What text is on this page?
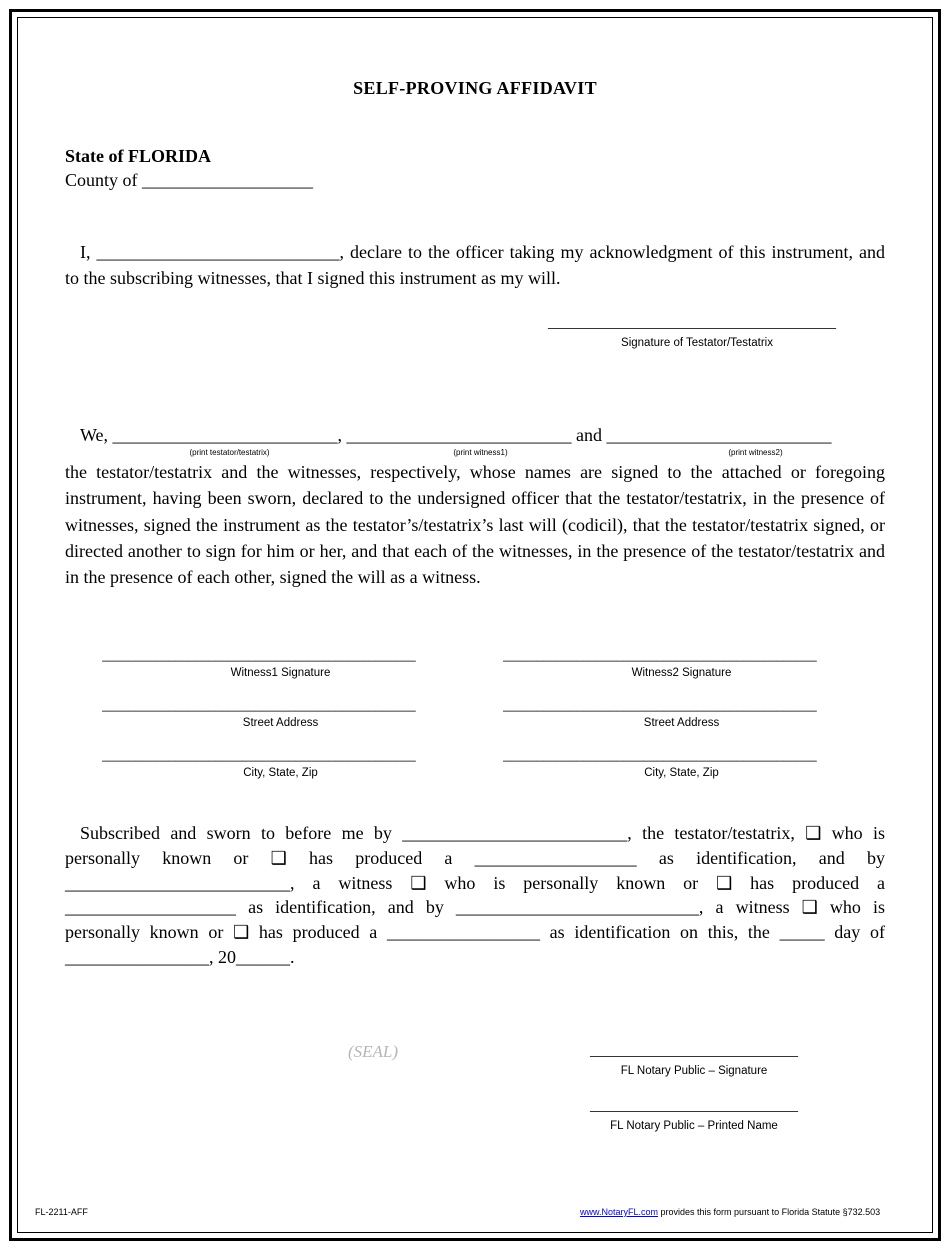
SELF-PROVING AFFIDAVIT
State of FLORIDA
County of ___________________
I, ___________________________, declare to the officer taking my acknowledgment of this instrument, and to the subscribing witnesses, that I signed this instrument as my will.
____________________________________
Signature of Testator/Testatrix
We, _________________________, _________________________ and _________________________
(print testator/testatrix)	(print witness1)	(print witness2)
the testator/testatrix and the witnesses, respectively, whose names are signed to the attached or foregoing instrument, having been sworn, declared to the undersigned officer that the testator/testatrix, in the presence of witnesses, signed the instrument as the testator’s/testatrix’s last will (codicil), that the testator/testatrix signed, or directed another to sign for him or her, and that each of the witnesses, in the presence of the testator/testatrix and in the presence of each other, signed the will as a witness.
_______________________________________________
Witness1 Signature
_______________________________________________
Street Address
_______________________________________________
City, State, Zip
_______________________________________________
Witness2 Signature
_______________________________________________
Street Address
_______________________________________________
City, State, Zip
Subscribed and sworn to before me by _________________________, the testator/testatrix, ❑ who is personally known or ❑ has produced a __________________ as identification, and by _________________________, a witness ❑ who is personally known or ❑ has produced a ___________________ as identification, and by ___________________________, a witness ❑ who is personally known or ❑ has produced a _________________ as identification on this, the _____ day of ________________, 20______.
(SEAL)	__________________________
FL Notary Public – Signature
__________________________
FL Notary Public – Printed Name
FL-2211-AFF	www.NotaryFL.com provides this form pursuant to Florida Statute §732.503
